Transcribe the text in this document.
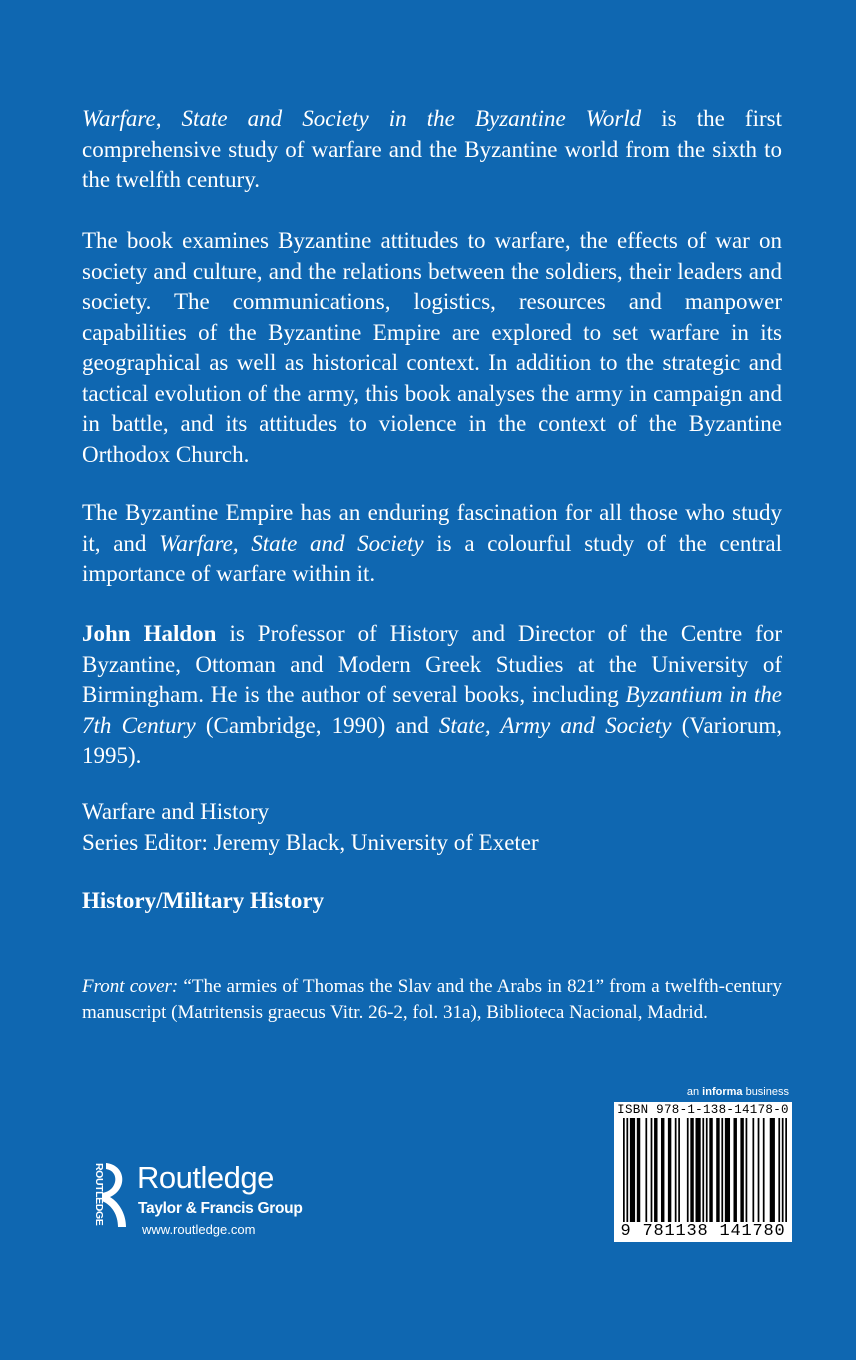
Warfare, State and Society in the Byzantine World is the first comprehensive study of warfare and the Byzantine world from the sixth to the twelfth century.

The book examines Byzantine attitudes to warfare, the effects of war on society and culture, and the relations between the soldiers, their leaders and society. The communications, logistics, resources and manpower capabilities of the Byzantine Empire are explored to set warfare in its geographical as well as historical context. In addition to the strategic and tactical evolution of the army, this book analyses the army in campaign and in battle, and its attitudes to violence in the context of the Byzantine Orthodox Church.

The Byzantine Empire has an enduring fascination for all those who study it, and Warfare, State and Society is a colourful study of the central importance of warfare within it.

John Haldon is Professor of History and Director of the Centre for Byzantine, Ottoman and Modern Greek Studies at the University of Birmingham. He is the author of several books, including Byzantium in the 7th Century (Cambridge, 1990) and State, Army and Society (Variorum, 1995).

Warfare and History
Series Editor: Jeremy Black, University of Exeter
History/Military History
Front cover: “The armies of Thomas the Slav and the Arabs in 821” from a twelfth-century manuscript (Matritensis graecus Vitr. 26-2, fol. 31a), Biblioteca Nacional, Madrid.
ROUTLEDGE Routledge
Taylor & Francis Group
www.routledge.com
an informa business
ISBN 978-1-138-14178-0
9 781138 141780
